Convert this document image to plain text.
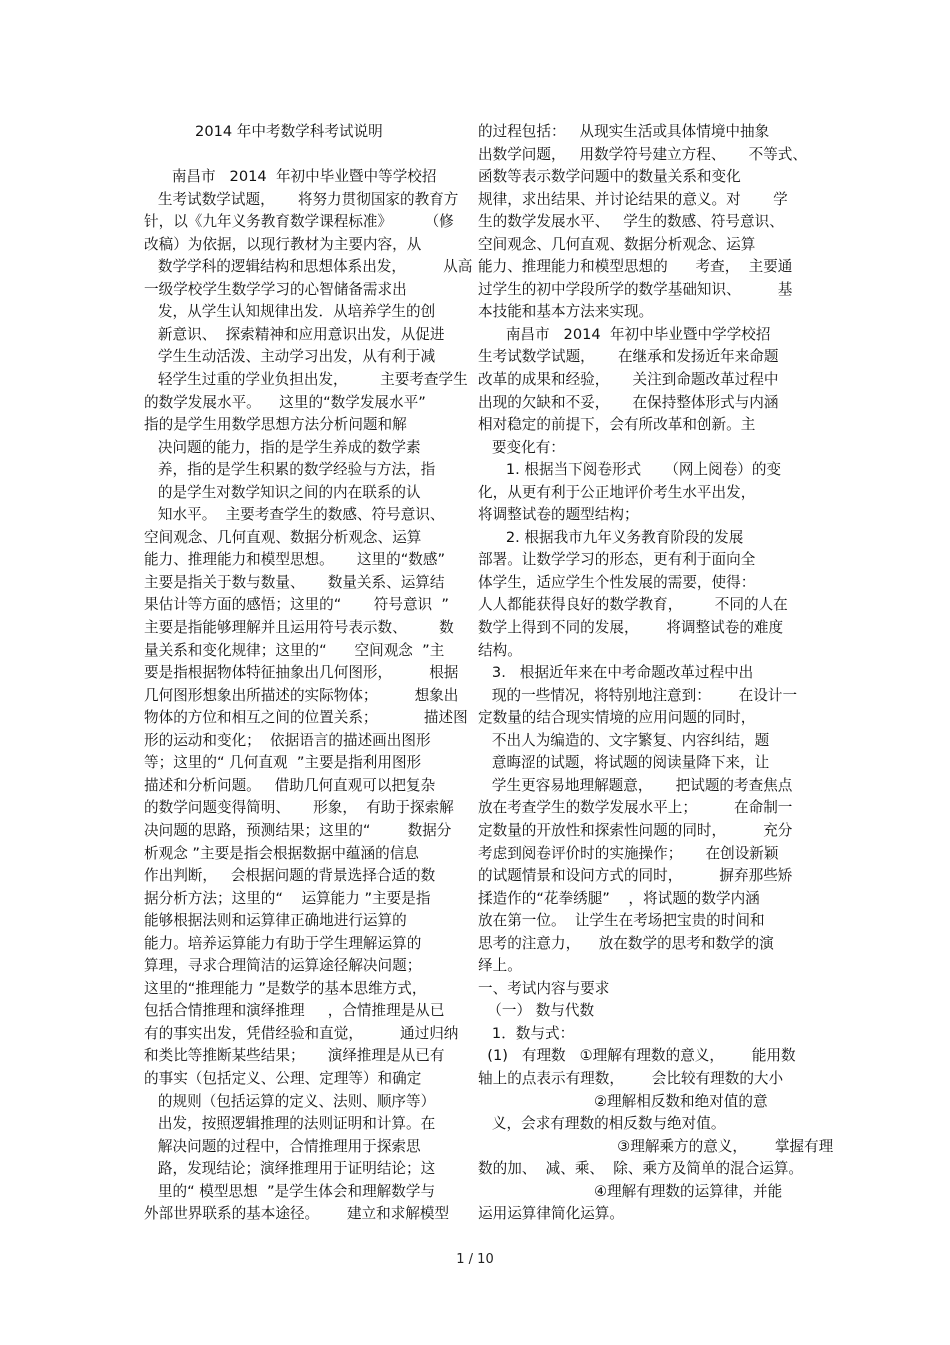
2014 年中考数学科考试说明
南昌市   2014  年初中毕业暨中等学校招
生考试数学试题，     将努力贯彻国家的教育方
针，以《九年义务教育数学课程标准》       （修
改稿）为依据，以现行教材为主要内容，从
数学学科的逻辑结构和思想体系出发，        从高
一级学校学生数学学习的心智储备需求出
发，从学生认知规律出发．从培养学生的创
新意识、  探索精神和应用意识出发，从促进
学生生动活泼、主动学习出发，从有利于减
轻学生过重的学业负担出发，       主要考查学生
的数学发展水平。    这里的“数学发展水平”
指的是学生用数学思想方法分析问题和解
决问题的能力，指的是学生养成的数学素
养，指的是学生积累的数学经验与方法，指
的是学生对数学知识之间的内在联系的认
知水平。  主要考查学生的数感、符号意识、
空间观念、几何直观、数据分析观念、运算
能力、推理能力和模型思想。     这里的“数感”
主要是指关于数与数量、     数量关系、运算结
果估计等方面的感悟；这里的“       符号意识  ”
主要是指能够理解并且运用符号表示数、       数
量关系和变化规律；这里的“      空间观念  ”主
要是指根据物体特征抽象出几何图形，        根据
几何图形想象出所描述的实际物体；        想象出
物体的方位和相互之间的位置关系；          描述图
形的运动和变化；  依据语言的描述画出图形
等；这里的“ 几何直观  ”主要是指利用图形
描述和分析问题。   借助几何直观可以把复杂
的数学问题变得简明、     形象，  有助于探索解
决问题的思路，预测结果；这里的“        数据分
析观念 ”主要是指会根据数据中蕴涵的信息
作出判断，   会根据问题的背景选择合适的数
据分析方法；这里的“    运算能力 ”主要是指
能够根据法则和运算律正确地进行运算的
能力。培养运算能力有助于学生理解运算的
算理，寻求合理简洁的运算途径解决问题；
这里的“推理能力 ”是数学的基本思维方式，
包括合情推理和演绎推理     ，合情推理是从已
有的事实出发，凭借经验和直觉，        通过归纳
和类比等推断某些结果；     演绎推理是从已有
的事实（包括定义、公理、定理等）和确定
的规则（包括运算的定义、法则、顺序等）
出发，按照逻辑推理的法则证明和计算。在
解决问题的过程中，合情推理用于探索思
路，发现结论；演绎推理用于证明结论；这
里的“ 模型思想  ”是学生体会和理解数学与
外部世界联系的基本途径。      建立和求解模型
的过程包括：   从现实生活或具体情境中抽象
出数学问题，   用数学符号建立方程、     不等式、
函数等表示数学问题中的数量关系和变化
规律，求出结果、并讨论结果的意义。对       学
生的数学发展水平、   学生的数感、符号意识、
空间观念、几何直观、数据分析观念、运算
能力、推理能力和模型思想的      考查，  主要通
过学生的初中学段所学的数学基础知识、        基
本技能和基本方法来实现。
南昌市   2014  年初中毕业暨中学学校招
生考试数学试题，     在继承和发扬近年来命题
改革的成果和经验，     关注到命题改革过程中
出现的欠缺和不妥，     在保持整体形式与内涵
相对稳定的前提下，会有所改革和创新。主
要变化有：
1. 根据当下阅卷形式     （网上阅卷）的变
化，从更有利于公正地评价考生水平出发，
将调整试卷的题型结构；
2. 根据我市九年义务教育阶段的发展
部署。让数学学习的形态，更有利于面向全
体学生，适应学生个性发展的需要，使得：
人人都能获得良好的数学教育，       不同的人在
数学上得到不同的发展，      将调整试卷的难度
结构。
3.   根据近年来在中考命题改革过程中出
现的一些情况，将特别地注意到：      在设计一
定数量的结合现实情境的应用问题的同时，
不出人为编造的、文字繁复、内容纠结，题
意晦涩的试题，将试题的阅读量降下来，让
学生更容易地理解题意，     把试题的考查焦点
放在考查学生的数学发展水平上；        在命制一
定数量的开放性和探索性问题的同时，        充分
考虑到阅卷评价时的实施操作；     在创设新颖
的试题情景和设问方式的同时，        摒弃那些矫
揉造作的“花拳绣腿”    ，将试题的数学内涵
放在第一位。  让学生在考场把宝贵的时间和
思考的注意力，    放在数学的思考和数学的演
绎上。
一、考试内容与要求
（一） 数与代数
1．数与式：
(1)   有理数   ①理解有理数的意义，      能用数
轴上的点表示有理数，      会比较有理数的大小
②理解相反数和绝对值的意
义，会求有理数的相反数与绝对值。
③理解乘方的意义，      掌握有理
数的加、  减、乘、  除、乘方及简单的混合运算。
④理解有理数的运算律，并能
运用运算律简化运算。
1 / 10
